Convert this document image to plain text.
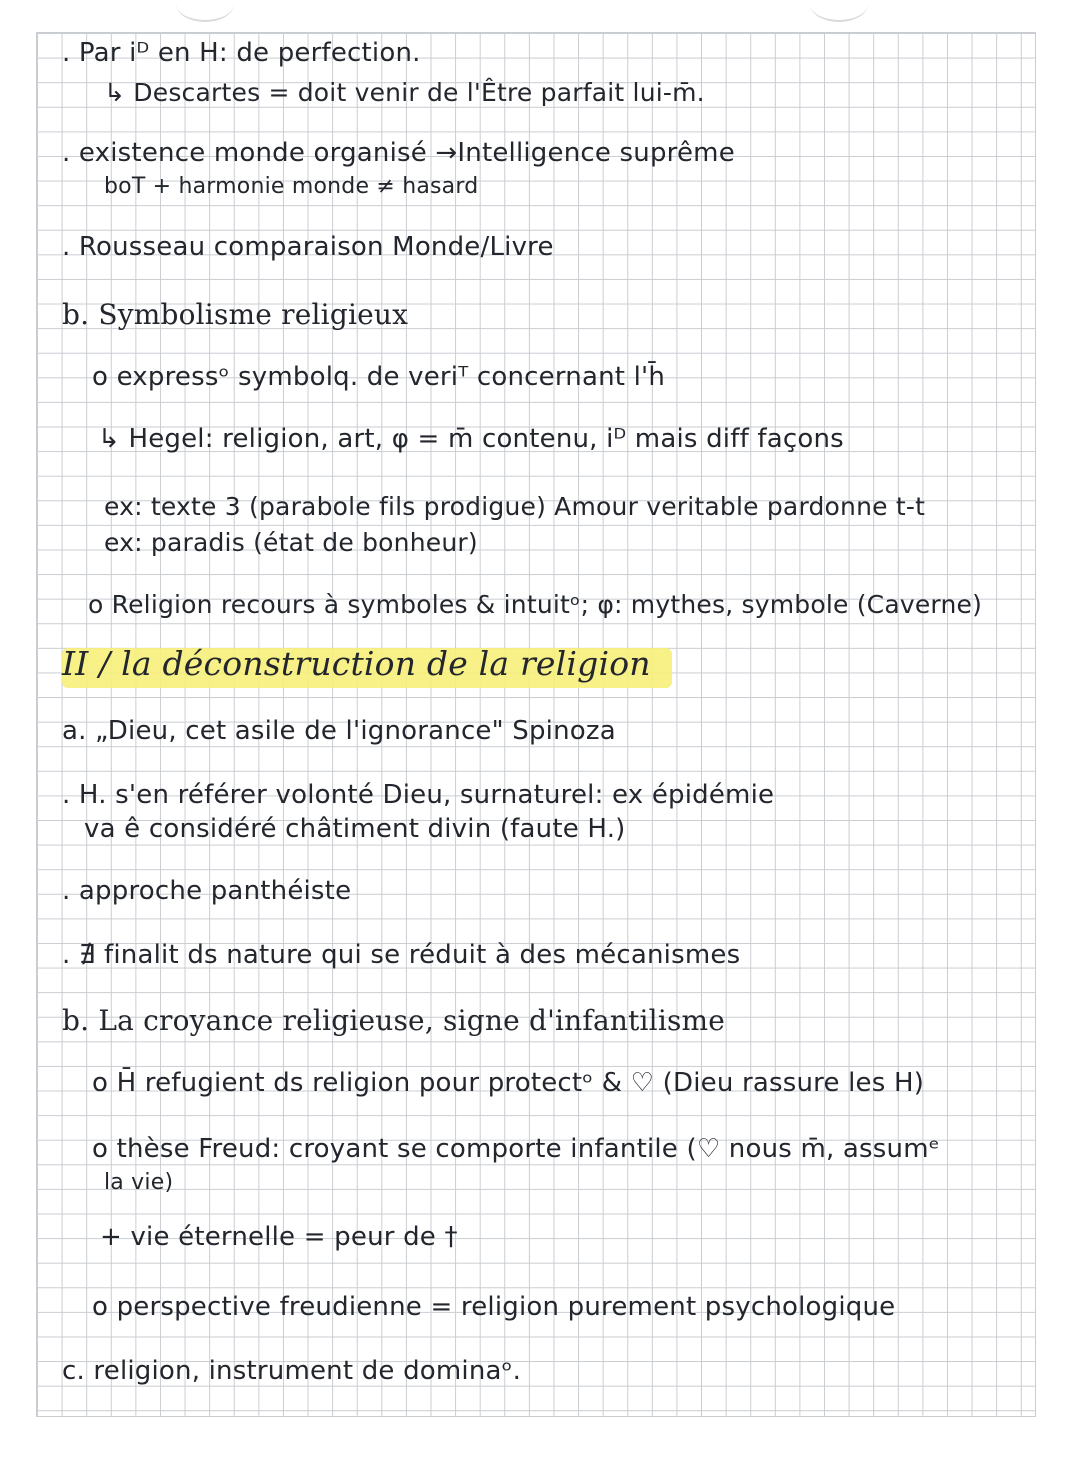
. Par iᴰ en H: de perfection.
↳ Descartes = doit venir de l'Être parfait lui-m̄.
. existence monde organisé →Intelligence suprême
boT + harmonie monde ≠ hasard
. Rousseau comparaison Monde/Livre
b. Symbolisme religieux
o expressᵒ symbolq. de veriᵀ concernant l'h̄
↳ Hegel: religion, art, φ = m̄ contenu, iᴰ mais diff façons
ex: texte 3 (parabole fils prodigue) Amour veritable pardonne t-t
ex: paradis (état de bonheur)
o Religion recours à symboles & intuitᵒ; φ: mythes, symbole (Caverne)
II / la déconstruction de la religion
a. „Dieu, cet asile de l'ignorance" Spinoza
. H. s'en référer volonté Dieu, surnaturel: ex épidémie
va ê considéré châtiment divin (faute H.)
. approche panthéiste
. ∄ finalit ds nature qui se réduit à des mécanismes
b. La croyance religieuse, signe d'infantilisme
o H̄ refugient ds religion pour protectᵒ & ♡ (Dieu rassure les H)
o thèse Freud: croyant se comporte infantile (♡ nous m̄, assumᵉ
la vie)
+ vie éternelle = peur de †
o perspective freudienne = religion purement psychologique
c. religion, instrument de dominaᵒ.
